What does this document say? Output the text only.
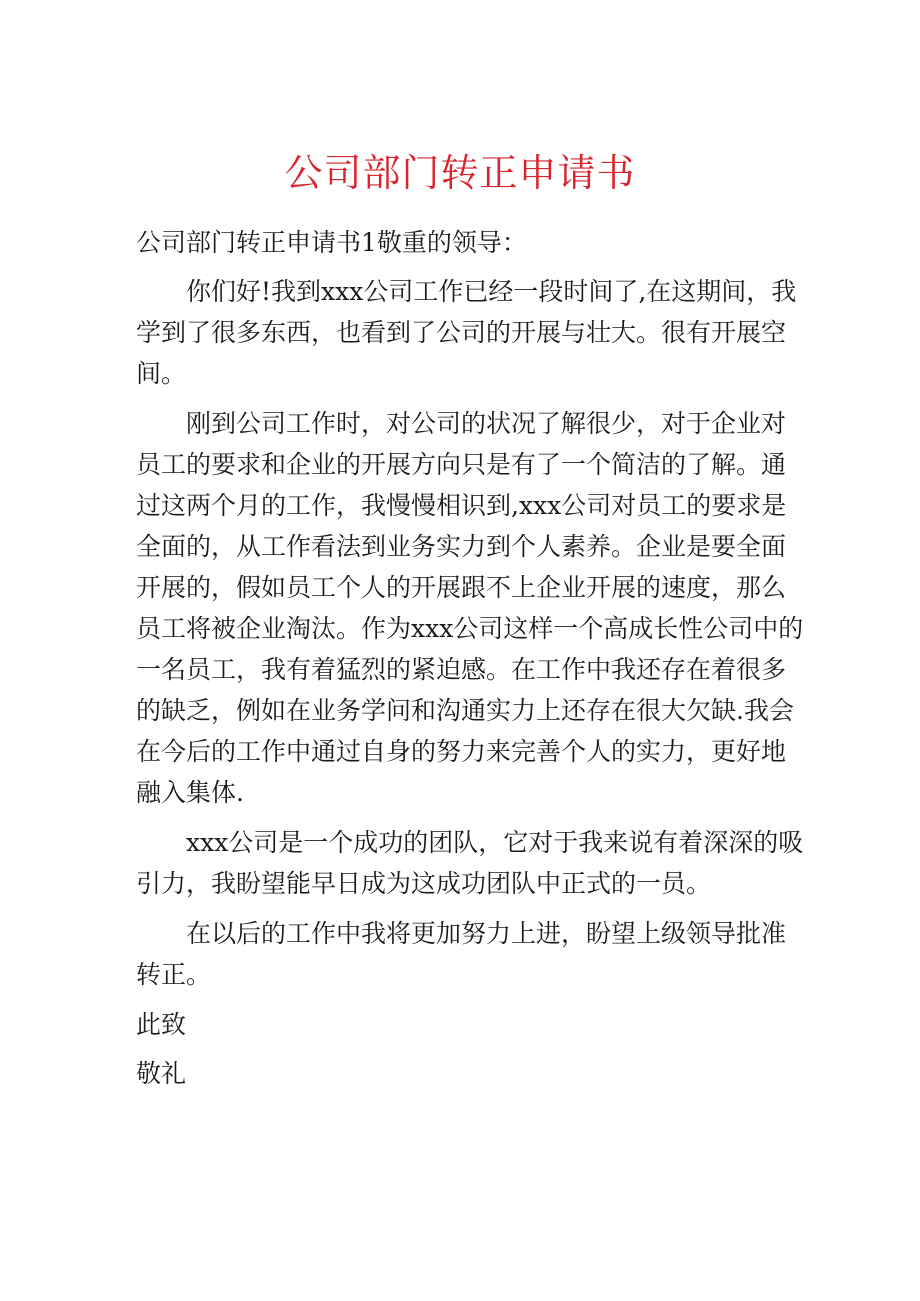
公司部门转正申请书

公司部门转正申请书1敬重的领导：

你们好!我到xxx公司工作已经一段时间了,在这期间，我学到了很多东西，也看到了公司的开展与壮大。很有开展空间。

刚到公司工作时，对公司的状况了解很少，对于企业对员工的要求和企业的开展方向只是有了一个简洁的了解。通过这两个月的工作，我慢慢相识到,xxx公司对员工的要求是全面的，从工作看法到业务实力到个人素养。企业是要全面开展的，假如员工个人的开展跟不上企业开展的速度，那么员工将被企业淘汰。作为xxx公司这样一个高成长性公司中的一名员工，我有着猛烈的紧迫感。在工作中我还存在着很多的缺乏，例如在业务学问和沟通实力上还存在很大欠缺.我会在今后的工作中通过自身的努力来完善个人的实力，更好地融入集体.

xxx公司是一个成功的团队，它对于我来说有着深深的吸引力，我盼望能早日成为这成功团队中正式的一员。

在以后的工作中我将更加努力上进，盼望上级领导批准转正。

此致

敬礼
